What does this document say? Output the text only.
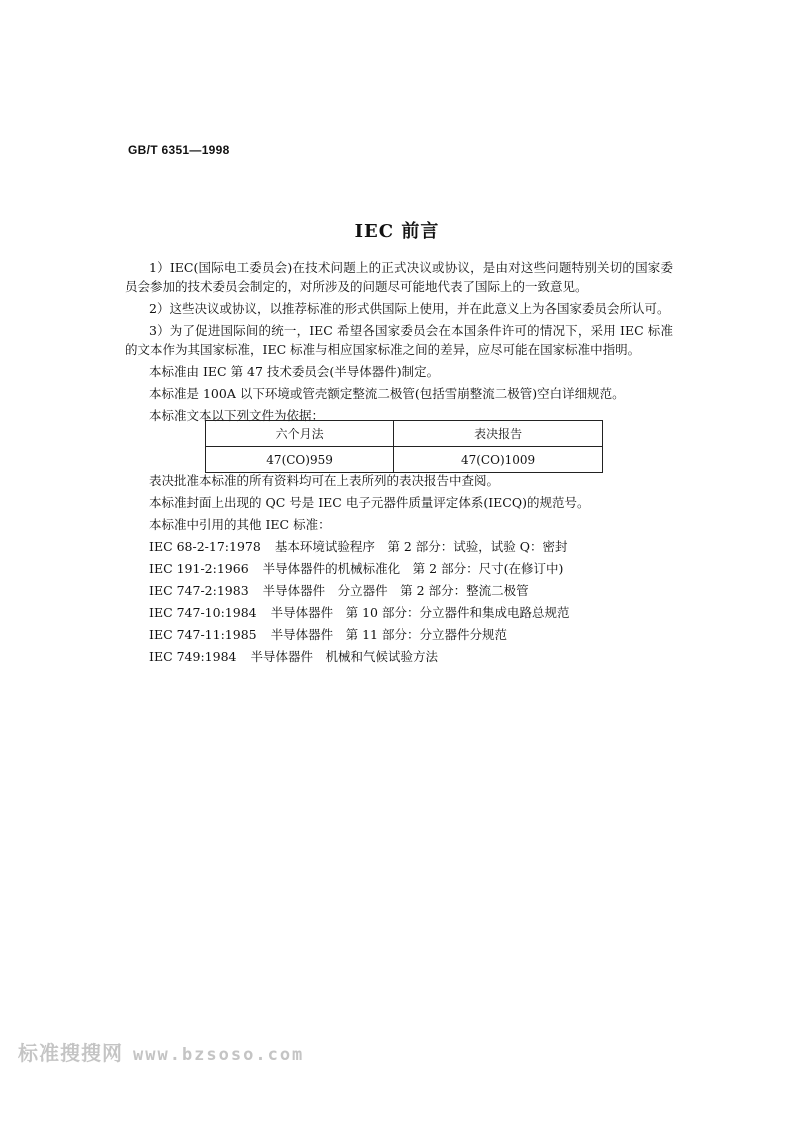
GB/T 6351—1998
IEC 前言

1）IEC(国际电工委员会)在技术问题上的正式决议或协议，是由对这些问题特别关切的国家委员会参加的技术委员会制定的，对所涉及的问题尽可能地代表了国际上的一致意见。

2）这些决议或协议，以推荐标准的形式供国际上使用，并在此意义上为各国家委员会所认可。

3）为了促进国际间的统一，IEC 希望各国家委员会在本国条件许可的情况下，采用 IEC 标准的文本作为其国家标准，IEC 标准与相应国家标准之间的差异，应尽可能在国家标准中指明。

本标准由 IEC 第 47 技术委员会(半导体器件)制定。
本标准是 100A 以下环境或管壳额定整流二极管(包括雪崩整流二极管)空白详细规范。
本标准文本以下列文件为依据：
六个月法	表决报告
47(CO)959	47(CO)1009
表决批准本标准的所有资料均可在上表所列的表决报告中查阅。
本标准封面上出现的 QC 号是 IEC 电子元器件质量评定体系(IECQ)的规范号。
本标准中引用的其他 IEC 标准：
IEC 68-2-17:1978 基本环境试验程序　第 2 部分：试验，试验 Q：密封
IEC 191-2:1966 半导体器件的机械标准化　第 2 部分：尺寸(在修订中)
IEC 747-2:1983 半导体器件　分立器件　第 2 部分：整流二极管
IEC 747-10:1984 半导体器件　第 10 部分：分立器件和集成电路总规范
IEC 747-11:1985 半导体器件　第 11 部分：分立器件分规范
IEC 749:1984 半导体器件　机械和气候试验方法
标准搜搜网 www.bzsoso.com
